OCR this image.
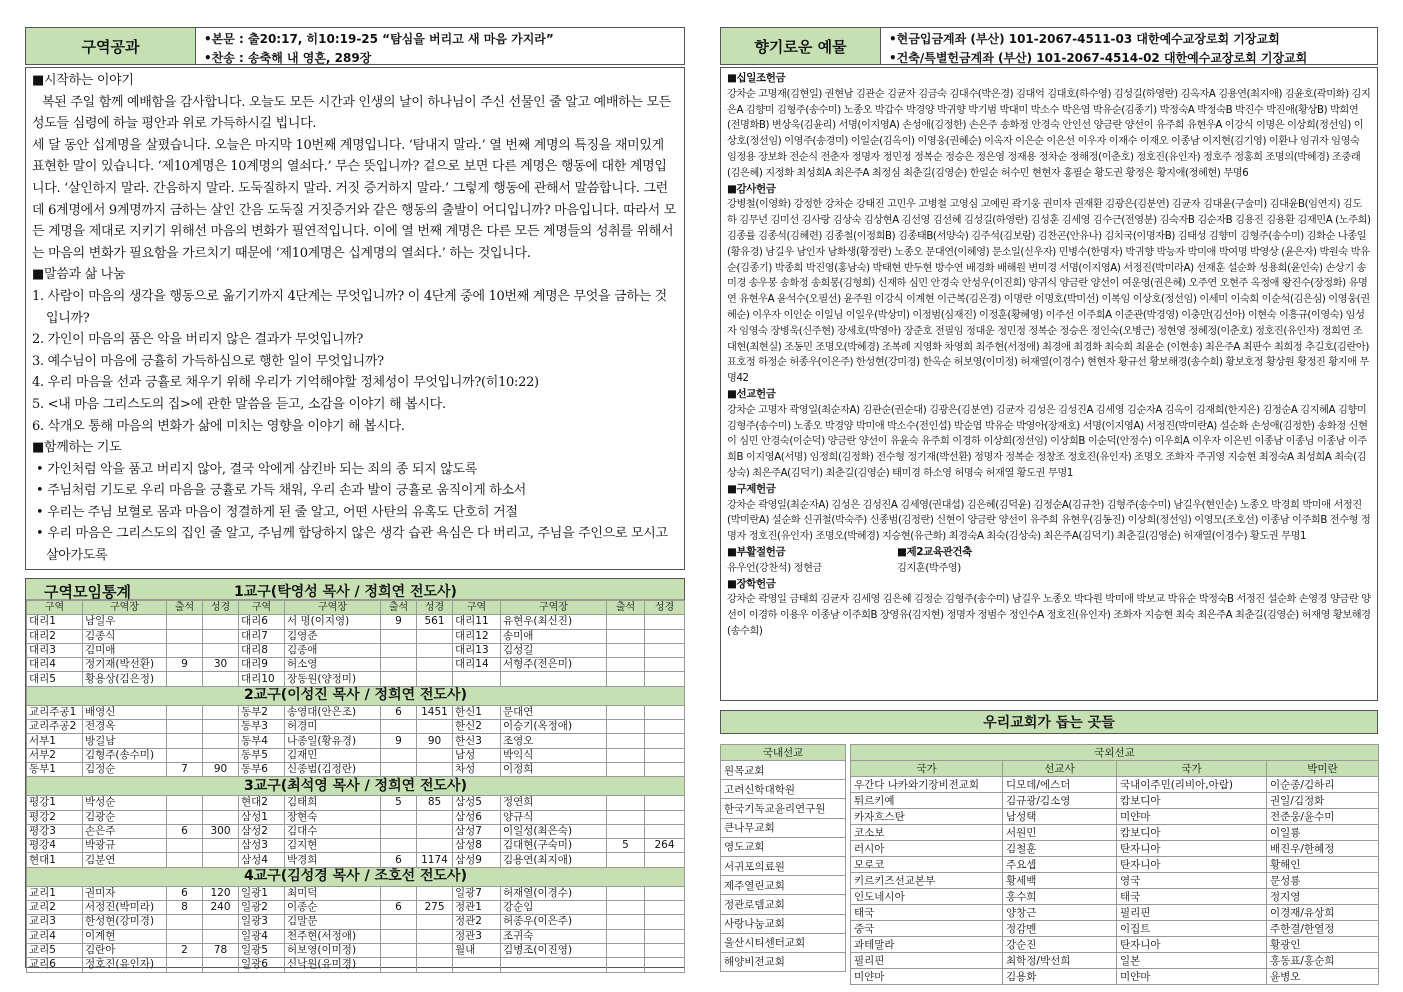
구역공과	• 본문 : 출20:17, 히10:19-25 “탐심을 버리고 새 마음 가지라”
• 찬송 : 송축해 내 영혼, 289장
■ 시작하는 이야기
복된 주일 함께 예배함을 감사합니다. 오늘도 모든 시간과 인생의 날이 하나님이 주신 선물인 줄 알고 예배하는 모든 성도들 심령에 하늘 평안과 위로 가득하시길 빕니다.
세 달 동안 십계명을 살폈습니다. 오늘은 마지막 10번째 계명입니다. ‘탐내지 말라.’ 열 번째 계명의 특징을 재미있게 표현한 말이 있습니다. ‘제10계명은 10계명의 열쇠다.’ 무슨 뜻입니까? 겉으로 보면 다른 계명은 행동에 대한 계명입니다. ‘살인하지 말라. 간음하지 말라. 도둑질하지 말라. 거짓 증거하지 말라.’ 그렇게 행동에 관해서 말씀합니다. 그런데 6계명에서 9계명까지 금하는 살인 간음 도둑질 거짓증거와 같은 행동의 출발이 어디입니까? 마음입니다. 따라서 모든 계명을 제대로 지키기 위해선 마음의 변화가 필연적입니다. 이에 열 번째 계명은 다른 모든 계명들의 성취를 위해서는 마음의 변화가 필요함을 가르치기 때문에 ‘제10계명은 십계명의 열쇠다.’ 하는 것입니다.
■ 말씀과 삶 나눔
1. 사람이 마음의 생각을 행동으로 옮기기까지 4단계는 무엇입니까? 이 4단계 중에 10번째 계명은 무엇을 금하는 것입니까?
2. 가인이 마음의 품은 악을 버리지 않은 결과가 무엇입니까?
3. 예수님이 마음에 긍휼히 가득하심으로 행한 일이 무엇입니까?
4. 우리 마음을 선과 긍휼로 채우기 위해 우리가 기억해야할 정체성이 무엇입니까?(히10:22)
5. <내 마음 그리스도의 집>에 관한 말씀을 듣고, 소감을 이야기 해 봅시다.
6. 삭개오 통해 마음의 변화가 삶에 미치는 영향을 이야기 해 봅시다.
■ 함께하는 기도
• 가인처럼 악을 품고 버리지 않아, 결국 악에게 삼킨바 되는 죄의 종 되지 않도록
• 주님처럼 기도로 우리 마음을 긍휼로 가득 채워, 우리 손과 발이 긍휼로 움직이게 하소서
• 우리는 주님 보혈로 몸과 마음이 정결하게 된 줄 알고, 어떤 사탄의 유혹도 단호히 거절
• 우리 마음은 그리스도의 집인 줄 알고, 주님께 합당하지 않은 생각 습관 욕심은 다 버리고, 주님을 주인으로 모시고 살아가도록
구역모임통계	1교구(탁영성 목사 / 정희연 전도사)
구역	구역장	출석	성경	구역	구역장	출석	성경	구역	구역장	출석	성경
대리1	남일우			대리6	서 명(이지영)	9	561	대리11	유현우(최신진)		
대리2	김종식			대리7	김영준			대리12	송미애		
대리3	김미애			대리8	김종애			대리13	김성길		
대리4	정기재(박선환)	9	30	대리9	허소영			대리14	서형주(전은미)		
대리5	황용상(김은정)			대리10	장동원(양정미)						
2교구(이성진 목사 / 정희연 전도사)											
교리주공1	배영신			동부2	송영대(안은조)	6	1451	한신1	문대연		
교리주공2	전경옥			동부3	허경미			한신2	이승기(옥정애)		
서부1	방길남			동부4	나종일(황유경)	9	90	한신3	조영오		
서부2	김형주(송수미)			동부5	김재민			남성	박익식		
동부1	김정순	7	90	동부6	신종범(김정란)			차성	이정희		
3교구(최석영 목사 / 정희연 전도사)											
평강1	박성순			현대2	김태희	5	85	삼성5	정연희		
평강2	김광순			삼성1	장현숙			삼성6	양규식		
평강3	손은주	6	300	삼성2	김대수			삼성7	이일성(최은숙)		
평강4	박광규			삼성3	김지현			삼성8	김대현(구숙미)	5	264
현대1	김분연			삼성4	박경희	6	1174	삼성9	김용연(최지애)		
4교구(김성경 목사 / 조호선 전도사)											
교리1	권미자	6	120	일광1	최미덕			일광7	허재열(이경수)		
교리2	서정진(박미라)	8	240	일광2	이종순	6	275	정관1	강순임		
교리3	한성현(강미경)			일광3	김말문			정관2	허종우(이은주)		
교리4	이계현			일광4	천주현(서정애)			정관3	조귀숙		
교리5	김란아	2	78	일광5	허보영(이미정)			월내	김병조(이진영)		
교리6	정호진(유인자)			일광6	신낙원(유미경)						
향기로운 예물	• 현금입금계좌 (부산) 101-2067-4511-03 대한예수교장로회 기장교회
• 건축/특별헌금계좌 (부산) 101-2067-4514-02 대한예수교장로회 기장교회
■ 십일조헌금
강차순 고명재(김현일) 권현남 김관순 김균자 김금숙 김대수(박은경) 김대억 김대호(하수영) 김성길(하영란) 김옥자A 김용연(최지애) 김윤호(곽미화) 김지은A 김향미 김형주(송수미) 노종오 박갑수 박경양 박귀향 박기범 박대미 박소수 박은엽 박유순(김종기) 박정숙A 박정숙B 박진수 박진애(황상B) 박희연(전명화B) 변상욱(김윤리) 서명(이지영A) 손성애(김정한) 손은주 송화정 안경숙 안인선 양금란 양선이 유주희 유현우A 이강식 이명은 이상희(정선임) 이상호(정선임) 이영주(송경미) 이일순(김옥이) 이영웅(권혜순) 이옥자 이은순 이은선 이우자 이재수 이재오 이종남 이지현(김기영) 이환나 임귀자 임영숙 임정용 장보화 전순식 전춘자 정명자 정민정 정복순 정승은 정은영 정재용 정차순 정해정(이춘호) 정호진(유인자) 정호주 정홍희 조명의(박혜경) 조중래(김은혜) 지정화 최성희A 최은주A 최정심 최춘길(김영순) 한일순 허수민 현현자 홍필순 황도권 황정은 황지애(정혜현) 무명6
■ 감사헌금
강병철(이영화) 강정한 강차순 강태진 고민우 고병철 고영심 고예린 곽기웅 권미자 권재환 김광은(김분연) 김균자 김대윤(구술미) 김대윤B(임연지) 김도하 김무년 김미선 김사랑 김상숙 김상현A 김선영 김선혜 김성길(하영란) 김성훈 김세영 김수근(전영분) 김숙자B 김순자B 김용진 김용환 김재민A (노주희) 김종률 김종석(김혜련) 김종철(이정희B) 김종태B(서양숙) 김주석(김보람) 김찬곤(안유나) 김치국(이명자B) 김태성 김향미 김형주(송수미) 김화순 나종일(황유경) 남길우 남인자 남화생(황정란) 노종오 문대연(이혜영) 문소일(신우자) 민병수(한명자) 박귀향 박능자 박미애 박여명 박영상 (윤은자) 박원숙 박유순(김종기) 박종희 박진영(홍남숙) 박태현 반두현 방수연 배경화 배해원 변미경 서명(이지영A) 서정진(박미라A) 선재훈 설순화 성용희(윤인숙) 손상기 송미경 송우봉 송화정 송희봉(김형희) 신재하 심민 안경숙 안성우(이진희) 양귀식 양금란 양선이 여운영(권은혜) 오주연 오현주 옥정애 왕진수(장정화) 유명연 유현우A 윤석수(오필선) 윤주원 이강식 이계현 이근복(김은경) 이명란 이명호(박미선) 이복임 이상호(정선임) 이세미 이숙희 이순석(김은심) 이영웅(권혜순) 이우자 이인순 이일님 이일우(박상미) 이정범(심재진) 이정훈(황혜영) 이주선 이주희A 이준관(박경영) 이충만(김선아) 이현숙 이흥규(이영숙) 임성자 임영숙 장병욱(신주현) 장세호(박영아) 장준호 전필임 정대운 정민정 정복순 정승은 정인숙(오병근) 정현영 정혜정(이춘호) 정호진(유인자) 정희연 조대현(최현실) 조동민 조명오(박혜경) 조복례 지영화 차영희 최주현(서정애) 최경애 최경화 최숙희 최윤순 (이현송) 최은주A 최판수 최희정 추길호(김란아) 표호정 하정순 허종우(이은주) 한성현(강미경) 한옥순 허보영(이미정) 허재열(이경수) 현현자 황규선 황보해경(송수희) 황보호정 황상원 황정진 황지애 무명42
■ 선교헌금
강차순 고명자 곽영일(최순자A) 김관순(권순대) 김광은(김분연) 김균자 김성은 김성진A 김세영 김순자A 김옥이 김재희(한지은) 김정순A 김지혜A 김향미 김형주(송수미) 노종오 박경양 박미애 박소수(전인섭) 박순엽 박유순 박영아(장재호) 서명(이지영A) 서정진(박미란A) 설순화 손성애(김정한) 송화정 신현이 심민 안경숙(이순덕) 양금란 양선이 유윤숙 유주희 이경하 이상희(정선임) 이상희B 이순덕(안정수) 이우희A 이우자 이은빈 이종남 이종님 이종남 이주희B 이지영A(서명) 임정희(김정화) 전수형 정기재(박선환) 정명자 정복순 정창조 정호진(유인자) 조명오 조화자 주귀영 지승현 최정숙A 최성희A 최숙(김상숙) 최은주A(김덕기) 최춘길(김영순) 태미경 하소영 허명숙 허재열 황도권 무명1
■ 구제헌금
강차순 곽영일(최순자A) 김성은 김성진A 김세영(권대섭) 김은혜(김덕윤) 김정순A(김규찬) 김형주(송수미) 남길우(현인순) 노종오 박경희 박미애 서정진(박미란A) 설순화 신귀철(박숙주) 신종범(김정란) 신현이 양금란 양선이 유주희 유현우(김동진) 이상희(정선임) 이영모(조호선) 이종남 이주희B 전수형 정명자 정호진(유인자) 조명오(박혜경) 지승현(유근화) 최경숙A 최숙(김상숙) 최은주A(김덕기) 최춘길(김영순) 허재열(이경수) 황도권 무명1
■ 부활절헌금
유우언(강찬석) 정현금
■ 제2교육관건축
김지훈(박주영)
■ 장학헌금
강차순 곽영일 금태희 김균자 김세영 김은혜 김정순 김형주(송수미) 남길우 노종오 박다원 박미애 박보교 박유순 박정숙B 서정진 설순화 손영경 양금란 양선이 이경하 이용우 이종남 이주희B 장영유(김지현) 정명자 정범수 정인수A 정호진(유인자) 조화자 지승현 최숙 최은주A 최춘길(김영순) 허재영 황보해경(송수희)
우리교회가 돕는 곳들
국내선교
원목교회
고려신학대학원
한국기독교윤리연구원
큰나무교회
영도교회
서귀포의료원
제주열린교회
정관로뎀교회
사랑나눔교회
울산시티센터교회
해양비전교회
국외선교			
국가	선교사	국가	박미란
우간다 나카와기장비전교회	디모데/에스더	국내이주민(리비아,아랍)	이순종/김하리
튀르키예	김규광/김소영	캄보디아	권일/김정화
카자흐스탄	남성택	미얀마	전준웅/윤수미
코소보	서원민	캄보디아	이일룡
러시아	김철훈	탄자니아	배진우/한혜정
모로코	주요셉	탄자니아	황해인
키르키즈선교본부	황세백	영국	문성룡
인도네시아	홍수희	태국	정지영
태국	양창근	필리핀	이경재/유상희
중국	정감멘	이집트	주한결/한열정
과테말라	강순진	탄자니아	황광인
필리핀	최학정/박선희	일본	홍동표/홍순희
미얀마	김용화	미얀마	윤병오
